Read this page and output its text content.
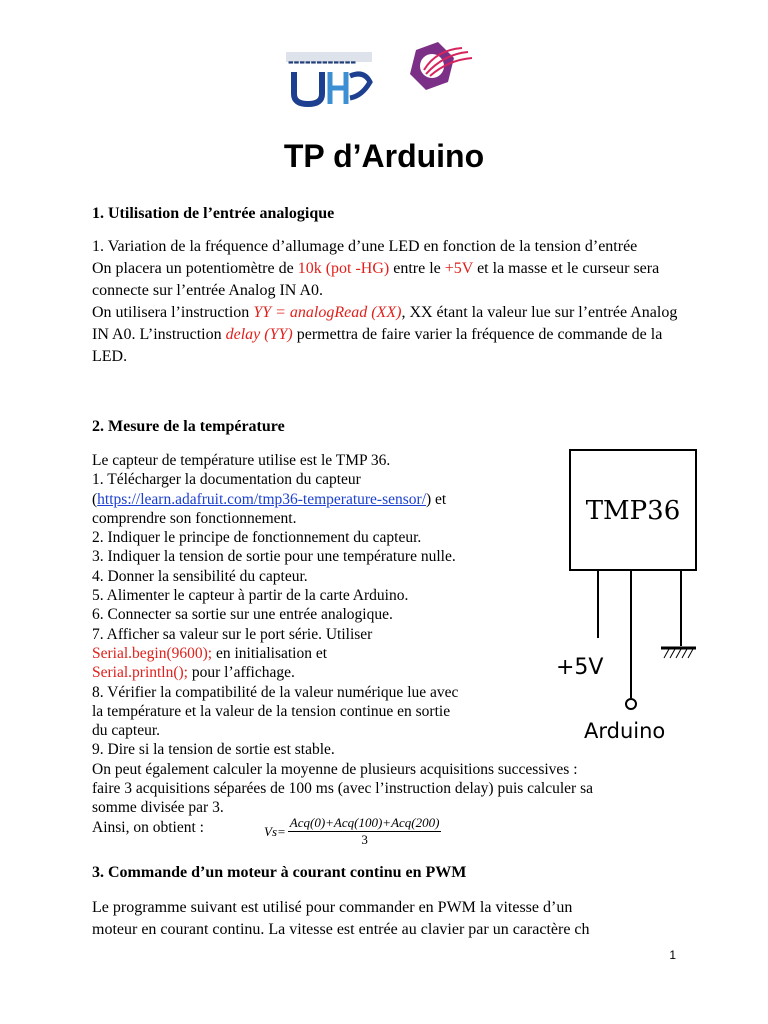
▬▬▬▬▬▬▬▬▬▬▬▬
TP d’Arduino
1. Utilisation de l’entrée analogique
1. Variation de la fréquence d’allumage d’une LED en fonction de la tension d’entrée
On placera un potentiomètre de 10k (pot -HG) entre le +5V et la masse et le curseur sera connecte sur l’entrée Analog IN A0.
On utilisera l’instruction YY = analogRead (XX), XX étant la valeur lue sur l’entrée Analog IN A0. L’instruction delay (YY) permettra de faire varier la fréquence de commande de la LED.
2. Mesure de la température
Le capteur de température utilise est le TMP 36.
1. Télécharger la documentation du capteur
(https://learn.adafruit.com/tmp36-temperature-sensor/) et
comprendre son fonctionnement.
2. Indiquer le principe de fonctionnement du capteur.
3. Indiquer la tension de sortie pour une température nulle.
4. Donner la sensibilité du capteur.
5. Alimenter le capteur à partir de la carte Arduino.
6. Connecter sa sortie sur une entrée analogique.
7. Afficher sa valeur sur le port série. Utiliser
Serial.begin(9600); en initialisation et
Serial.println(); pour l’affichage.
8. Vérifier la compatibilité de la valeur numérique lue avec
la température et la valeur de la tension continue en sortie
du capteur.
9. Dire si la tension de sortie est stable.
On peut également calculer la moyenne de plusieurs acquisitions successives :
faire 3 acquisitions séparées de 100 ms (avec l’instruction delay) puis calculer sa
somme divisée par 3.
Ainsi, on obtient :	Vs=	Acq(0)+Acq(100)+Acq(200)
3
TMP36
+5V
Arduino
3. Commande d’un moteur à courant continu en PWM
Le programme suivant est utilisé pour commander en PWM la vitesse d’un
moteur en courant continu. La vitesse est entrée au clavier par un caractère ch
1
